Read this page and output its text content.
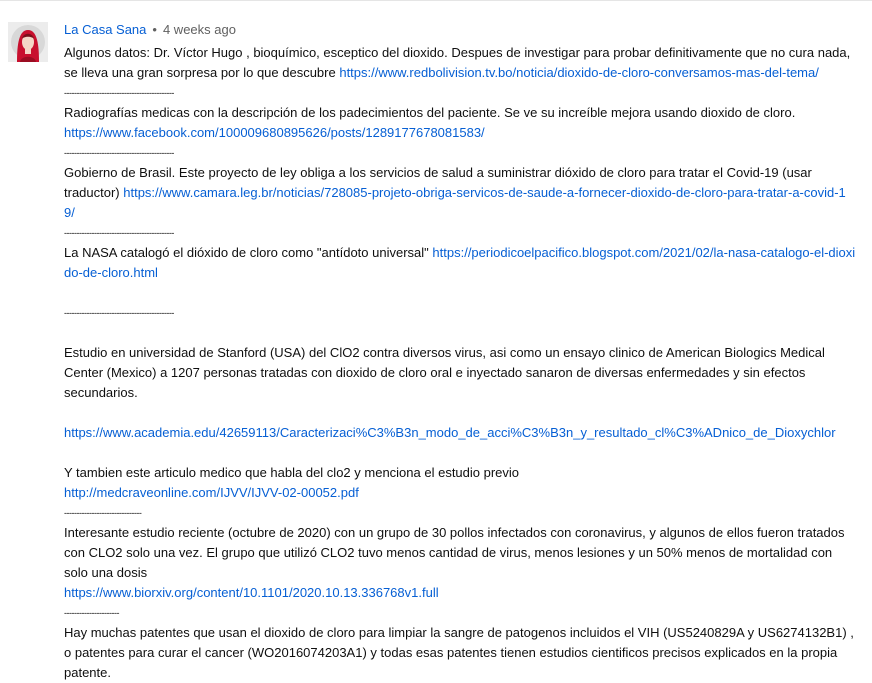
La Casa Sana • 4 weeks ago
Algunos datos: Dr. Víctor Hugo , bioquímico, esceptico del dioxido. Despues de investigar para probar definitivamente que no cura nada, se lleva una gran sorpresa por lo que descubre https://www.redbolivision.tv.bo/noticia/dioxido-de-cloro-conversamos-mas-del-tema/
--------------------------------------------
Radiografías medicas con la descripción de los padecimientos del paciente. Se ve su increíble mejora usando dioxido de cloro.
https://www.facebook.com/100009680895626/posts/1289177678081583/
--------------------------------------------
Gobierno de Brasil. Este proyecto de ley obliga a los servicios de salud a suministrar dióxido de cloro para tratar el Covid-19 (usar traductor) https://www.camara.leg.br/noticias/728085-projeto-obriga-servicos-de-saude-a-fornecer-dioxido-de-cloro-para-tratar-a-covid-19/
--------------------------------------------
La NASA catalogó el dióxido de cloro como "antídoto universal" https://periodicoelpacifico.blogspot.com/2021/02/la-nasa-catalogo-el-dioxido-de-cloro.html
--------------------------------------------
Estudio en universidad de Stanford (USA) del ClO2 contra diversos virus, asi como un ensayo clinico de American Biologics Medical Center (Mexico) a 1207 personas tratadas con dioxido de cloro oral e inyectado sanaron de diversas enfermedades y sin efectos secundarios.
https://www.academia.edu/42659113/Caracterizaci%C3%B3n_modo_de_acci%C3%B3n_y_resultado_cl%C3%ADnico_de_Dioxychlor
Y tambien este articulo medico que habla del clo2 y menciona el estudio previo
http://medcraveonline.com/IJVV/IJVV-02-00052.pdf
-------------------------------
Interesante estudio reciente (octubre de 2020) con un grupo de 30 pollos infectados con coronavirus, y algunos de ellos fueron tratados con CLO2 solo una vez. El grupo que utilizó CLO2 tuvo menos cantidad de virus, menos lesiones y un 50% menos de mortalidad con solo una dosis
https://www.biorxiv.org/content/10.1101/2020.10.13.336768v1.full
----------------------
Hay muchas patentes que usan el dioxido de cloro para limpiar la sangre de patogenos incluidos el VIH (US5240829A y US6274132B1) , o patentes para curar el cancer (WO2016074203A1) y todas esas patentes tienen estudios cientificos precisos explicados en la propia patente.
